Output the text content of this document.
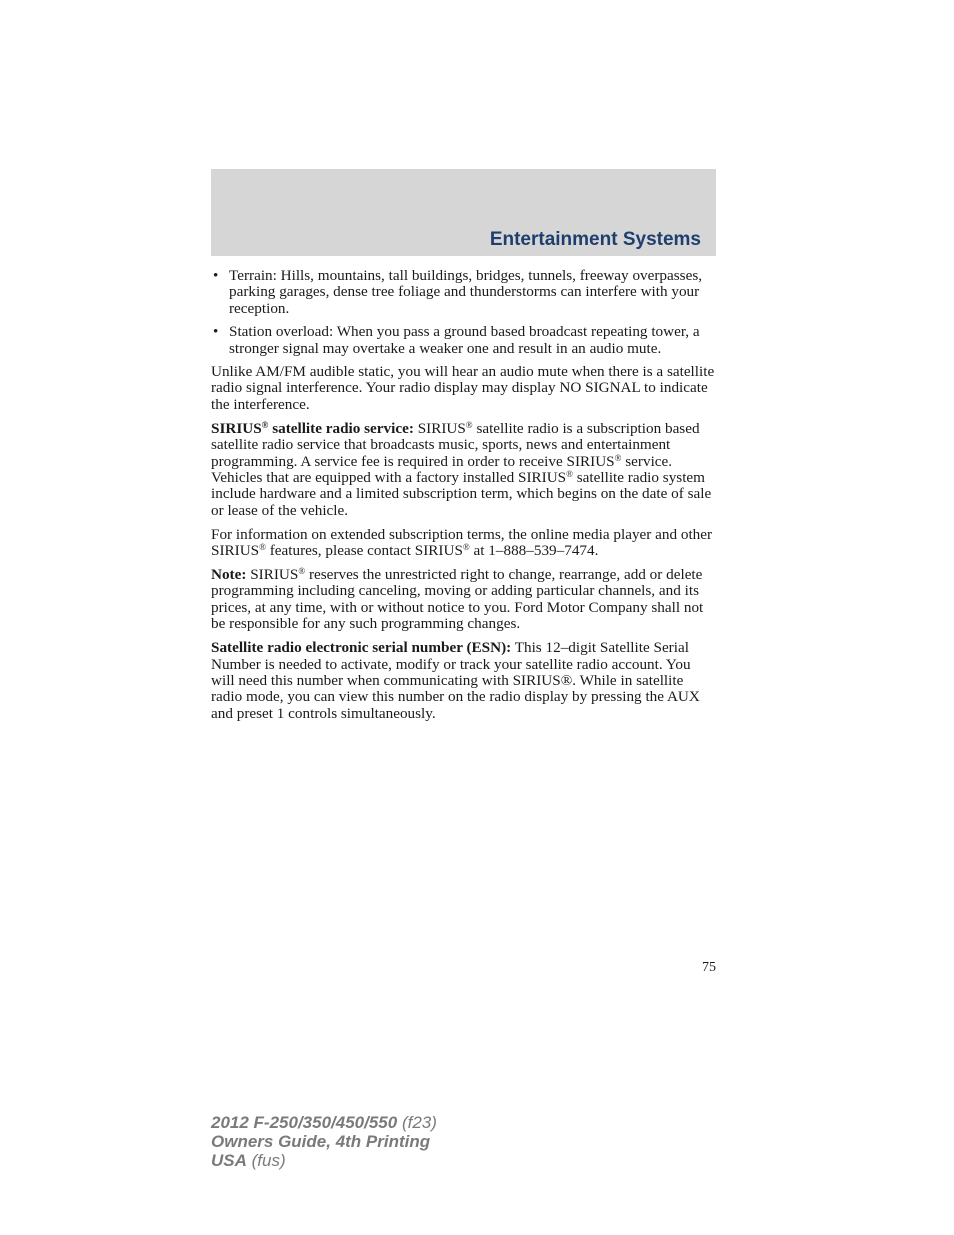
Entertainment Systems
• Terrain: Hills, mountains, tall buildings, bridges, tunnels, freeway overpasses, parking garages, dense tree foliage and thunderstorms can interfere with your reception.
• Station overload: When you pass a ground based broadcast repeating tower, a stronger signal may overtake a weaker one and result in an audio mute.

Unlike AM/FM audible static, you will hear an audio mute when there is a satellite radio signal interference. Your radio display may display NO SIGNAL to indicate the interference.

SIRIUS® satellite radio service: SIRIUS® satellite radio is a subscription based satellite radio service that broadcasts music, sports, news and entertainment programming. A service fee is required in order to receive SIRIUS® service. Vehicles that are equipped with a factory installed SIRIUS® satellite radio system include hardware and a limited subscription term, which begins on the date of sale or lease of the vehicle.

For information on extended subscription terms, the online media player and other SIRIUS® features, please contact SIRIUS® at 1–888–539–7474.

Note: SIRIUS® reserves the unrestricted right to change, rearrange, add or delete programming including canceling, moving or adding particular channels, and its prices, at any time, with or without notice to you. Ford Motor Company shall not be responsible for any such programming changes.

Satellite radio electronic serial number (ESN): This 12–digit Satellite Serial Number is needed to activate, modify or track your satellite radio account. You will need this number when communicating with SIRIUS®. While in satellite radio mode, you can view this number on the radio display by pressing the AUX and preset 1 controls simultaneously.

75
2012 F-250/350/450/550 (f23)
Owners Guide, 4th Printing
USA (fus)
